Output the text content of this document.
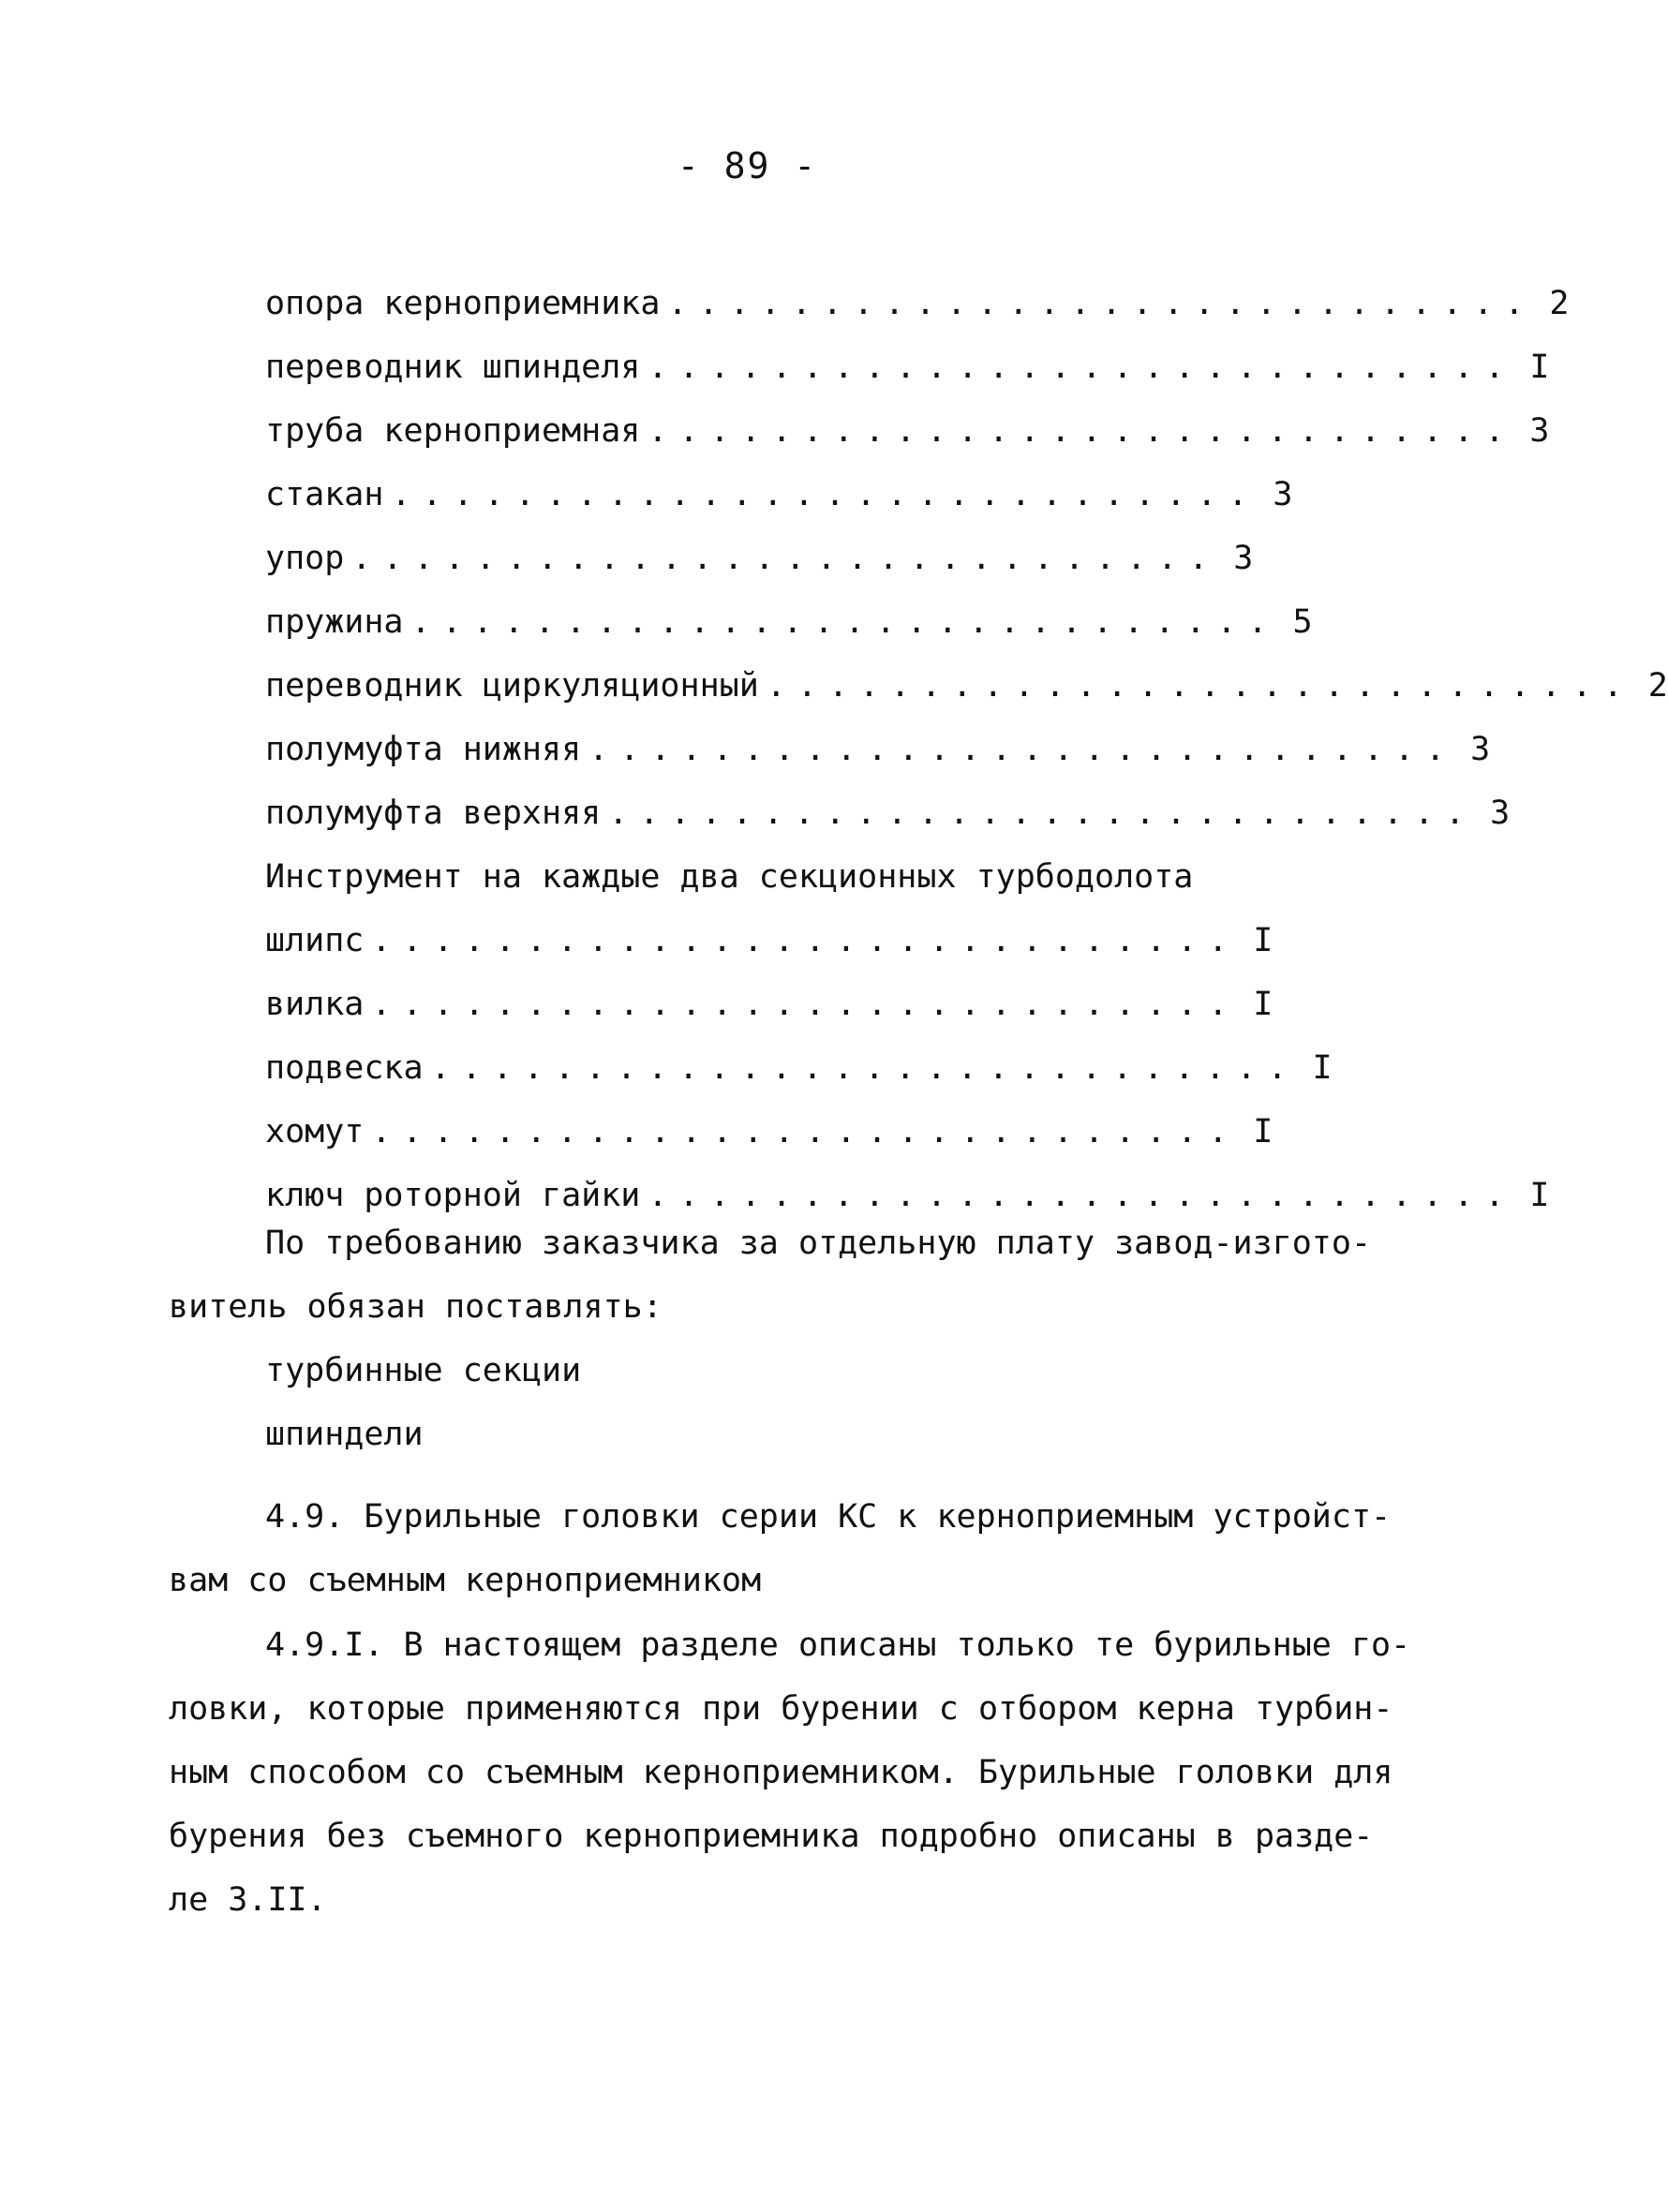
- 89 -
опора керноприемника ............................ 2
переводник шпинделя ............................ I
труба керноприемная ............................ 3
стакан ............................ 3
упор ............................ 3
пружина ............................ 5
переводник циркуляционный ............................ 2
полумуфта нижняя ............................ 3
полумуфта верхняя ............................ 3
Инструмент на каждые два секционных турбодолота
шлипс ............................ I
вилка ............................ I
подвеска ............................ I
хомут ............................ I
ключ роторной гайки ............................ I
По требованию заказчика за отдельную плату завод-изгото-
витель обязан поставлять:
турбинные секции
шпиндели
4.9. Бурильные головки серии КС к керноприемным устройст-
вам со съемным керноприемником
4.9.I. В настоящем разделе описаны только те бурильные го-
ловки, которые применяются при бурении с отбором керна турбин-
ным способом со съемным керноприемником. Бурильные головки для
бурения без съемного керноприемника подробно описаны в разде-
ле 3.II.
